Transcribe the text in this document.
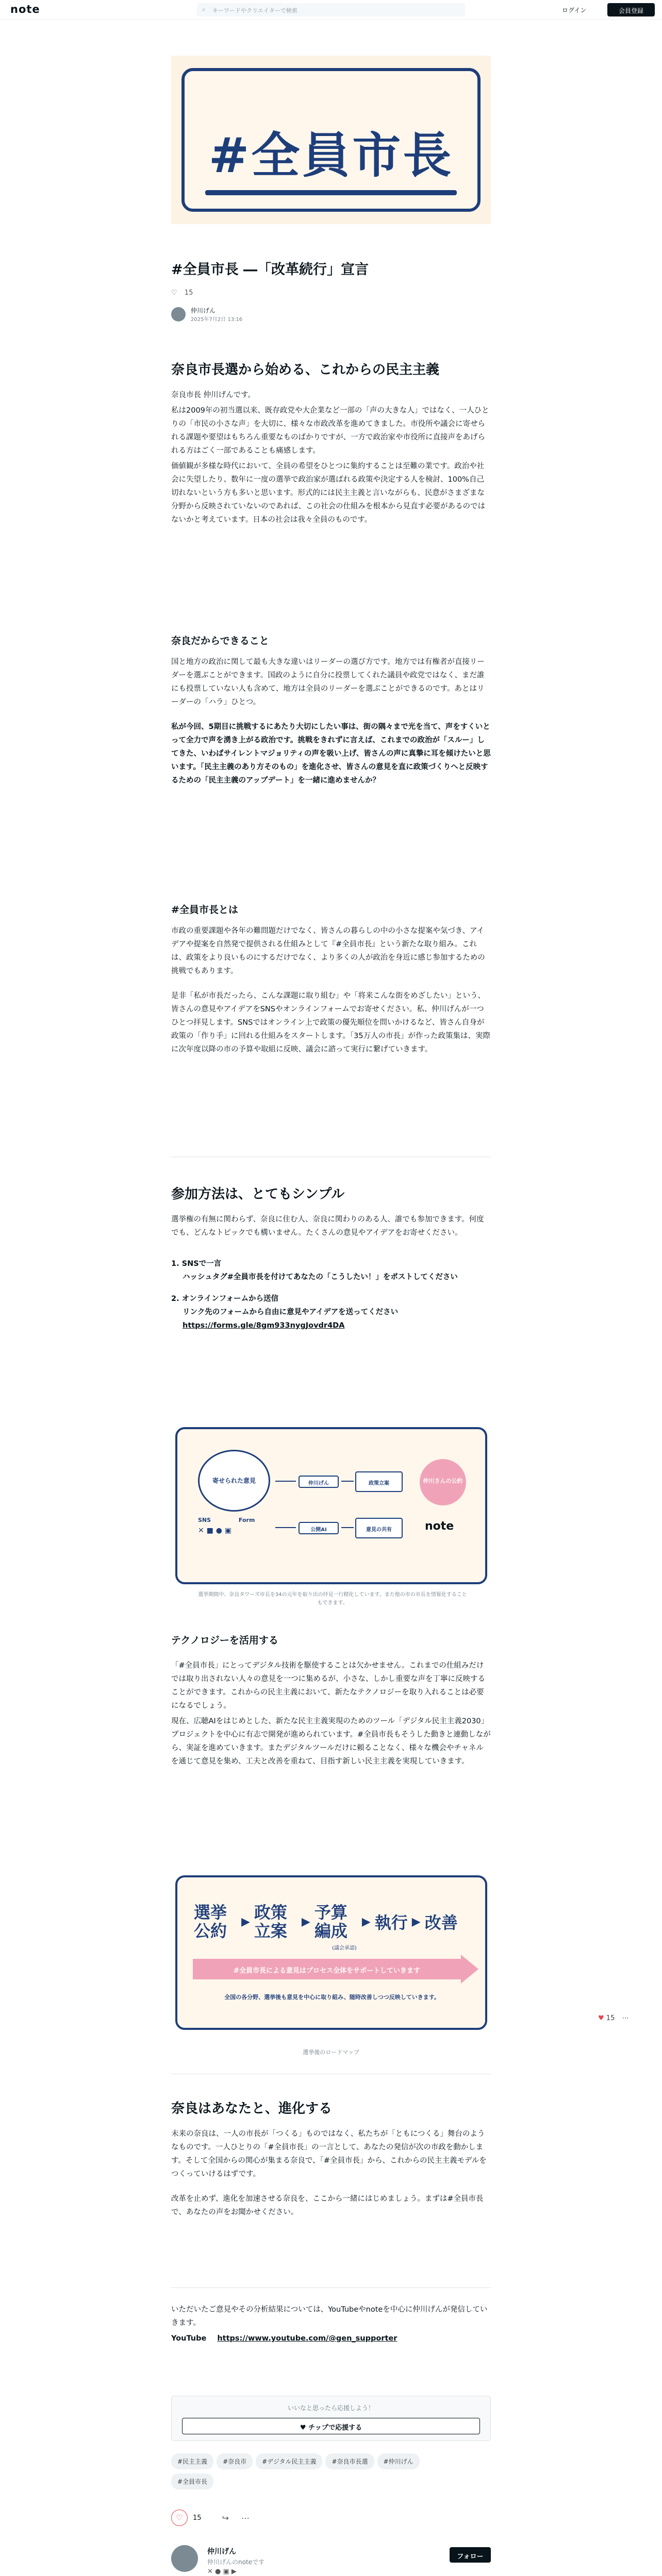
note	⌕ キーワードやクリエイターで検索	ログイン	会員登録
#全員市長
#全員市長 ―「改革続行」宣言
♡ 15
仲川げん
2025年7月2日 13:16
奈良市長選から始める、これからの民主主義

奈良市長 仲川げんです。

私は2009年の初当選以来、既存政党や大企業など一部の「声の大きな人」ではなく、一人ひとりの「市民の小さな声」を大切に、様々な市政改革を進めてきました。市役所や議会に寄せられる課題や要望はもちろん重要なものばかりですが、一方で政治家や市役所に直接声をあげられる方はごく一部であることも痛感します。

価値観が多様な時代において、全員の希望をひとつに集約することは至難の業です。政治や社会に失望したり、数年に一度の選挙で政治家が選ばれる政策や決定する人を検討、100%自己切れないという方も多いと思います。形式的には民主主義と言いながらも、民意がさまざまな分野から反映されていないのであれば、この社会の仕組みを根本から見直す必要があるのではないかと考えています。日本の社会は我々全員のものです。

奈良だからできること

国と地方の政治に関して最も大きな違いはリーダーの選び方です。地方では有権者が直接リーダーを選ぶことができます。国政のように自分に投票してくれた議員や政党ではなく、まだ誰にも投票していない人も含めて、地方は全員のリーダーを選ぶことができるのです。あとはリーダーの「ハラ」ひとつ。

私が今回、5期目に挑戦するにあたり大切にしたい事は、街の隅々まで光を当て、声をすくいとって全力で声を湧き上がる政治です。挑戦をきれずに言えば、これまでの政治が「スルー」してきた、いわばサイレントマジョリティの声を吸い上げ、皆さんの声に真摯に耳を傾けたいと思います。「民主主義のあり方そのもの」を進化させ、皆さんの意見を直に政策づくりへと反映するための「民主主義のアップデート」を一緒に進めませんか？

#全員市長とは

市政の重要課題や各年の難問題だけでなく、皆さんの暮らしの中の小さな提案や気づき、アイデアや提案を自然発で提供される仕組みとして『#全員市長』という新たな取り組み。これは、政策をより良いものにするだけでなく、より多くの人が政治を身近に感じ参加するための挑戦でもあります。

是非「私が市長だったら、こんな課題に取り組む」や「将来こんな街をめざしたい」という、皆さんの意見やアイデアをSNSやオンラインフォームでお寄せください。私、仲川げんが一つひとつ拝見します。SNSではオンライン上で政策の優先順位を問いかけるなど、皆さん自身が政策の「作り手」に回れる仕組みをスタートします。「35万人の市長」が作った政策集は、実際に次年度以降の市の予算や取組に反映、議会に諮って実行に繋げていきます。

参加方法は、とてもシンプル

選挙権の有無に関わらず、奈良に住む人、奈良に関わりのある人、誰でも参加できます。何度でも、どんなトピックでも構いません。たくさんの意見やアイデアをお寄せください。

1. SNSで一言
ハッシュタグ#全員市長を付けてあなたの「こうしたい！」をポストしてください
2. オンラインフォームから送信
リンク先のフォームから自由に意見やアイデアを送ってください
https://forms.gle/8gm933nygJovdr4DA
寄せられた意見
SNS	Form
✕ ■ ● ▣
仲川げん
公開AI
政策立案
意見の共有
仲川さんの公約
note
選挙期間中、奈良タワーズ市長を34の元年を取り出の拝見一行精化しています。また他の市の市長を情報化することもできます。
テクノロジーを活用する

「#全員市長」にとってデジタル技術を駆使することは欠かせません。これまでの仕組みだけでは取り出されない人々の意見を一つに集めるが、小さな、しかし重要な声を丁寧に反映することができます。これからの民主主義において、新たなテクノロジーを取り入れることは必要になるでしょう。

現在、広聴AIをはじめとした、新たな民主主義実現のためのツール「デジタル民主主義2030」プロジェクトを中心に有志で開発が進められています。#全員市長もそうした動きと連動しながら、実証を進めていきます。またデジタルツールだけに頼ることなく、様々な機会やチャネルを通じて意見を集め、工夫と改善を重ねて、目指す新しい民主主義を実現していきます。

選挙公約	▶ 政策立案	▶ 予算編成	▶ 執行 ▶ 改善
(議会承認)
#全員市長による意見はプロセス全体をサポートしていきます
全国の各分野、選挙後も意見を中心に取り組み、随時改善しつつ反映していきます。
選挙後のロードマップ
奈良はあなたと、進化する

未来の奈良は、一人の市長が「つくる」ものではなく、私たちが「ともにつくる」舞台のようなものです。一人ひとりの「#全員市長」の一言として、あなたの発信が次の市政を動かします。そして全国からの関心が集まる奈良で、「#全員市長」から、これからの民主主義モデルをつくっていけるはずです。

改革を止めず、進化を加速させる奈良を、ここから一緒にはじめましょう。まずは#全員市長で、あなたの声をお聞かせください。

いただいたご意見やその分析結果については、YouTubeやnoteを中心に仲川げんが発信していきます。

YouTube https://www.youtube.com/@gen_supporter

いいなと思ったら応援しよう！
♥ チップで応援する
#民主主義	#奈良市	#デジタル民主主義	#奈良市長選	#仲川げん
#全員市長
♡	15	↪ ⋯
仲川げん
仲川げんのnoteです
✕ ● ▣ ▶
フォロー
♥ 15 ⋯
